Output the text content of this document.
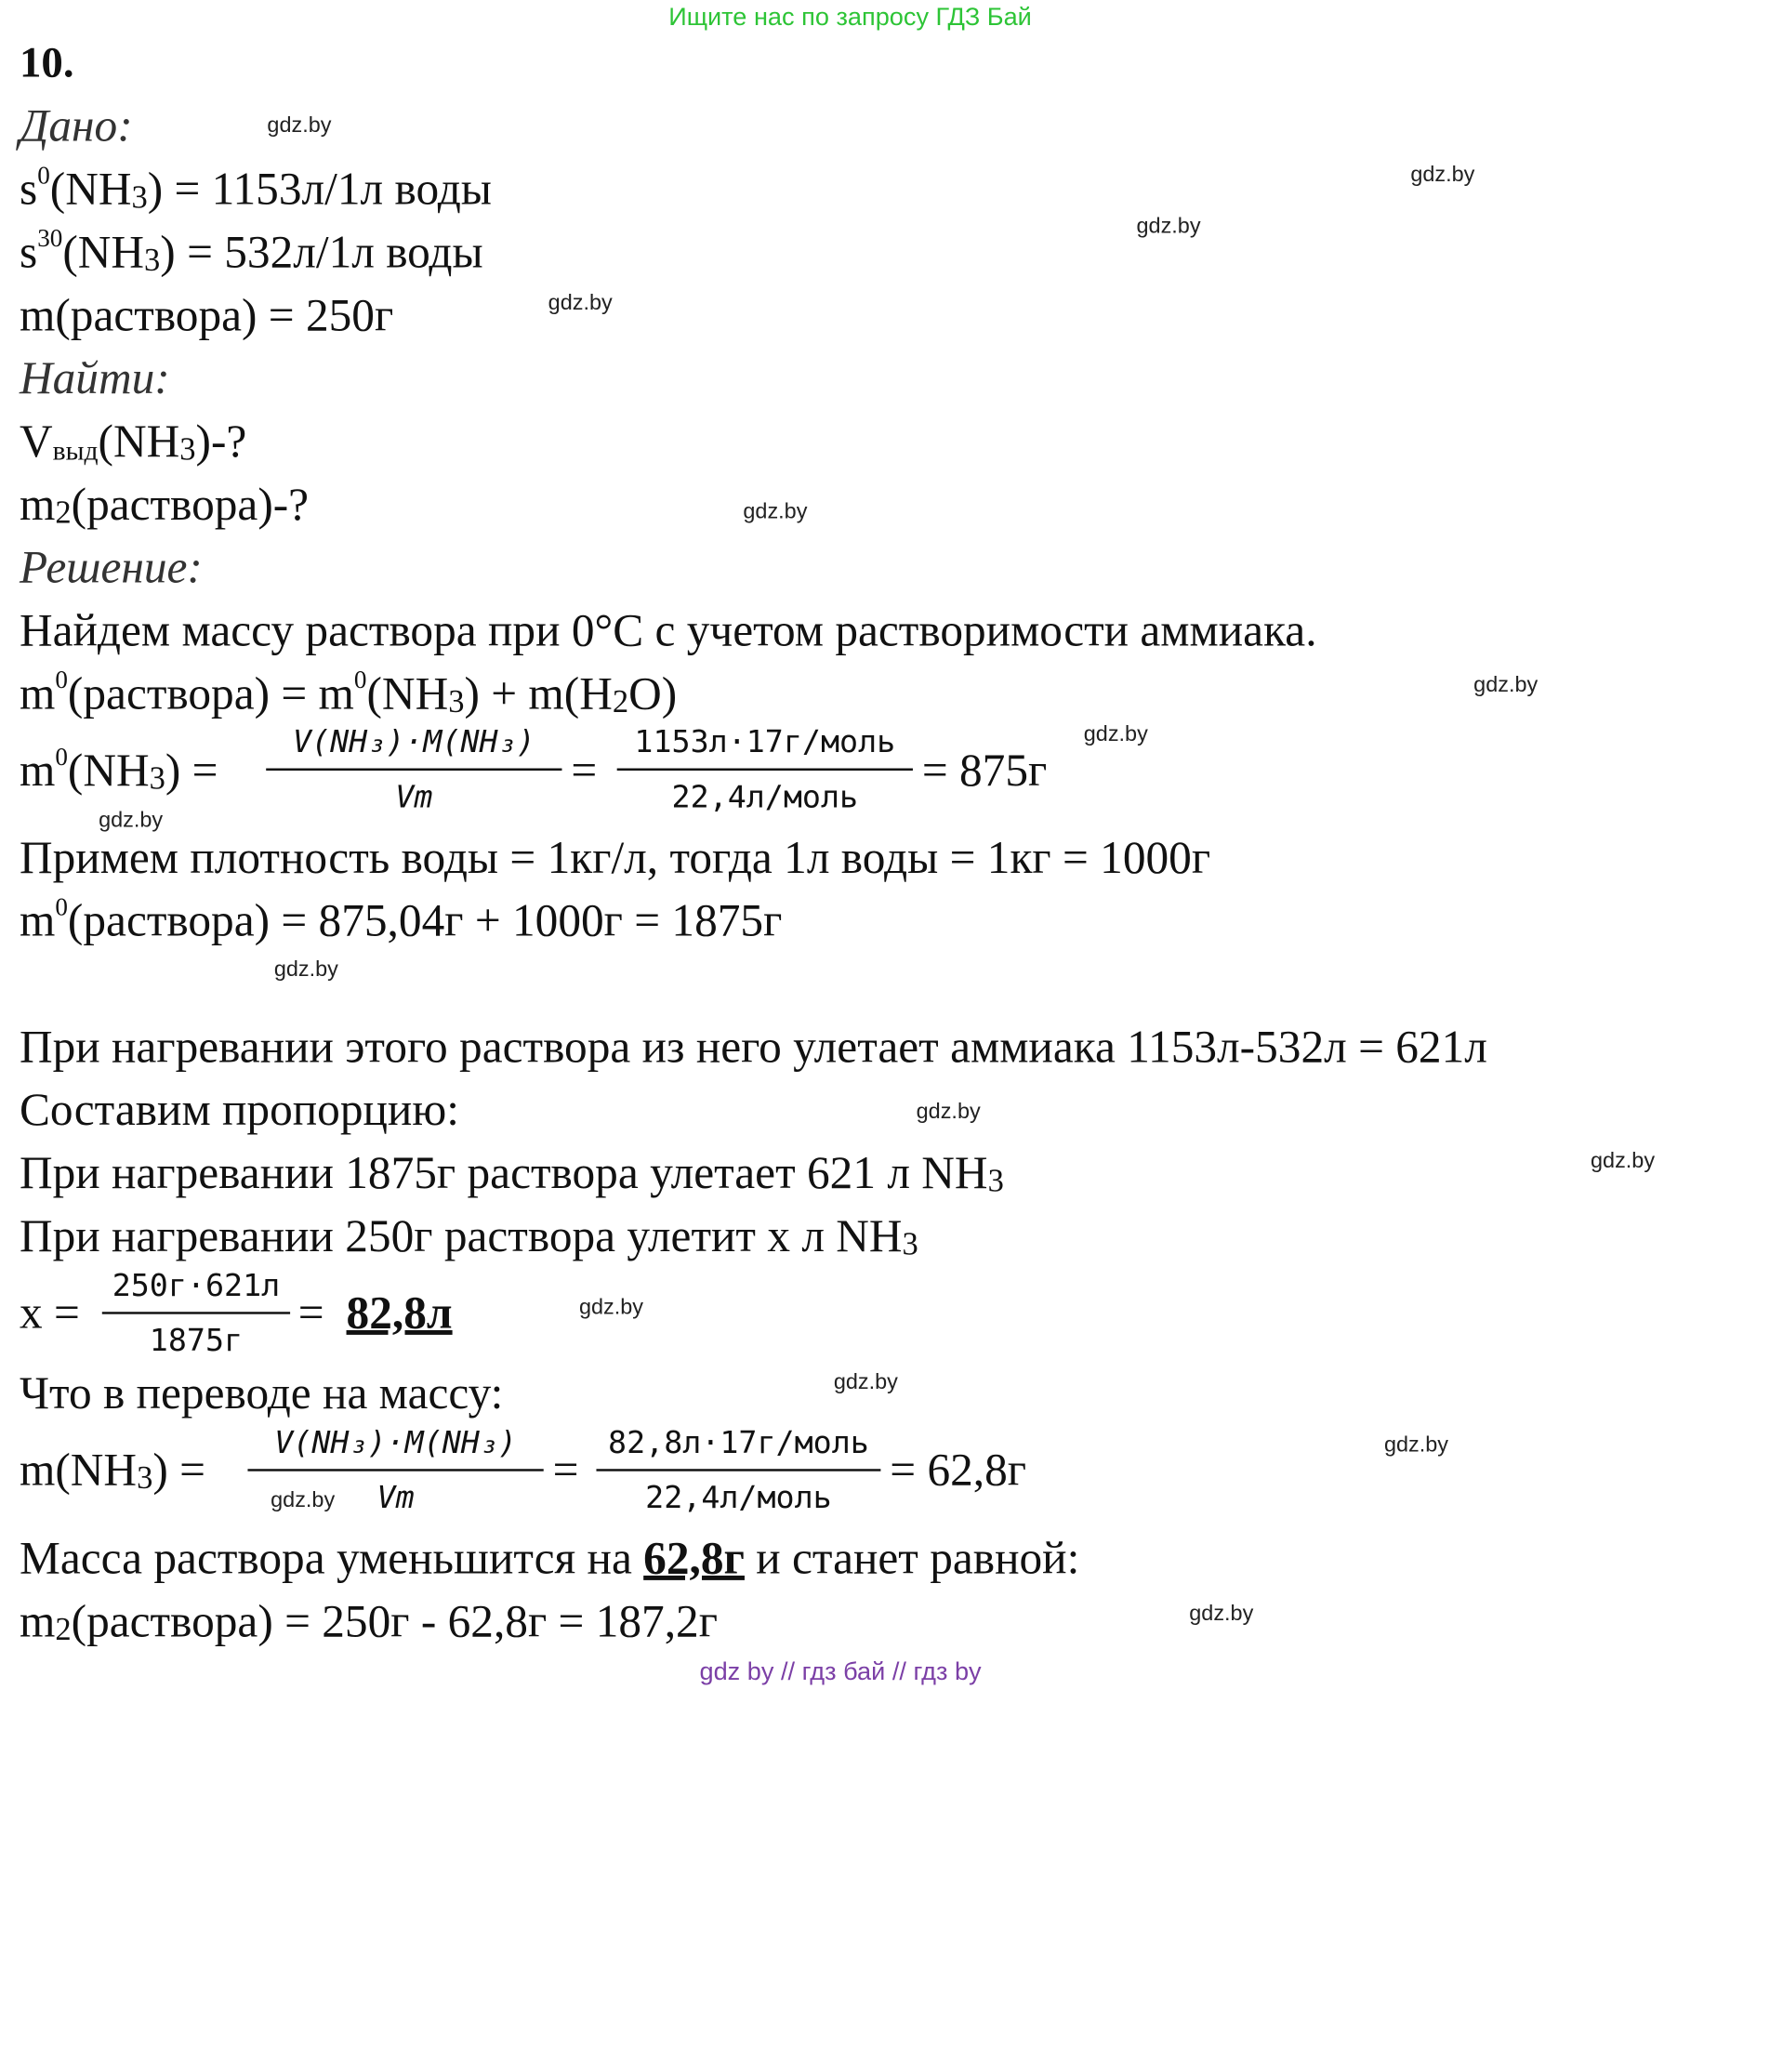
Ищите нас по запросу ГДЗ Бай
10.
Дано:
$s^0(NH_3) = 1153л/1л$ воды
$s^{30}(NH_3) = 532л/1л$ воды
m(раствора) = 250г
Найти:
$V_{выд}(NH_3)-$?
$m_2(раствора)-$?
Решение:
Найдем массу раствора при 0°С с учетом растворимости аммиака.
$m^0(раствора) = m^0(NH_3) + m(H_2O)$
$m^0(NH_3)$ =
V(NH₃)·M(NH₃)
Vm
=
1153л·17г/моль
22,4л/моль
= 875г
Примем плотность воды = 1кг/л, тогда 1л воды = 1кг = 1000г
$m^0(раствора) = 875,04г + 1000г = 1875г$
При нагревании этого раствора из него улетает аммиака 1153л-532л = 621л
Составим пропорцию:
При нагревании 1875г раствора улетает 621 л $NH_3$
При нагревании 250г раствора улетит x л $NH_3$
x =
250г·621л
1875г
= 82,8л
Что в переводе на массу:
$m(NH_3)$ =
V(NH₃)·M(NH₃)
Vm
=
82,8л·17г/моль
22,4л/моль
= 62,8г
Масса раствора уменьшится на 62,8г и станет равной:
$m_2(раствора) = 250г - 62,8г = 187,2г$
gdz.by
gdz.by
gdz.by
gdz.by
gdz.by
gdz.by
gdz.by
gdz.by
gdz.by
gdz.by
gdz.by
gdz.by
gdz.by
gdz.by
gdz.by
gdz.by
gdz by // гдз бай // гдз by
